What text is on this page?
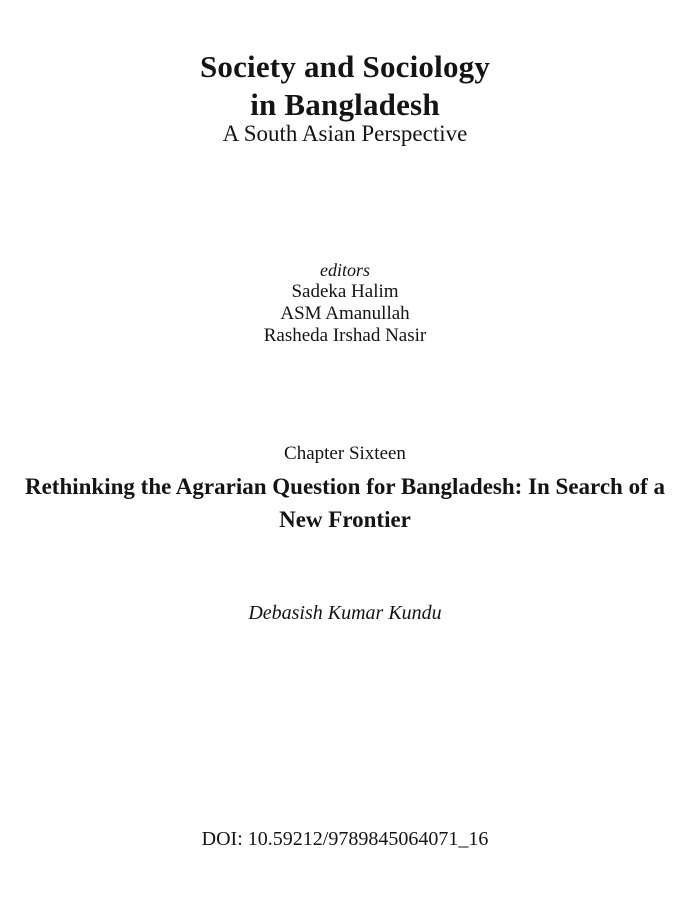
Society and Sociology
in Bangladesh
A South Asian Perspective
editors
Sadeka Halim
ASM Amanullah
Rasheda Irshad Nasir
Chapter Sixteen
Rethinking the Agrarian Question for Bangladesh: In Search of a
New Frontier
Debasish Kumar Kundu
DOI: 10.59212/9789845064071_16
